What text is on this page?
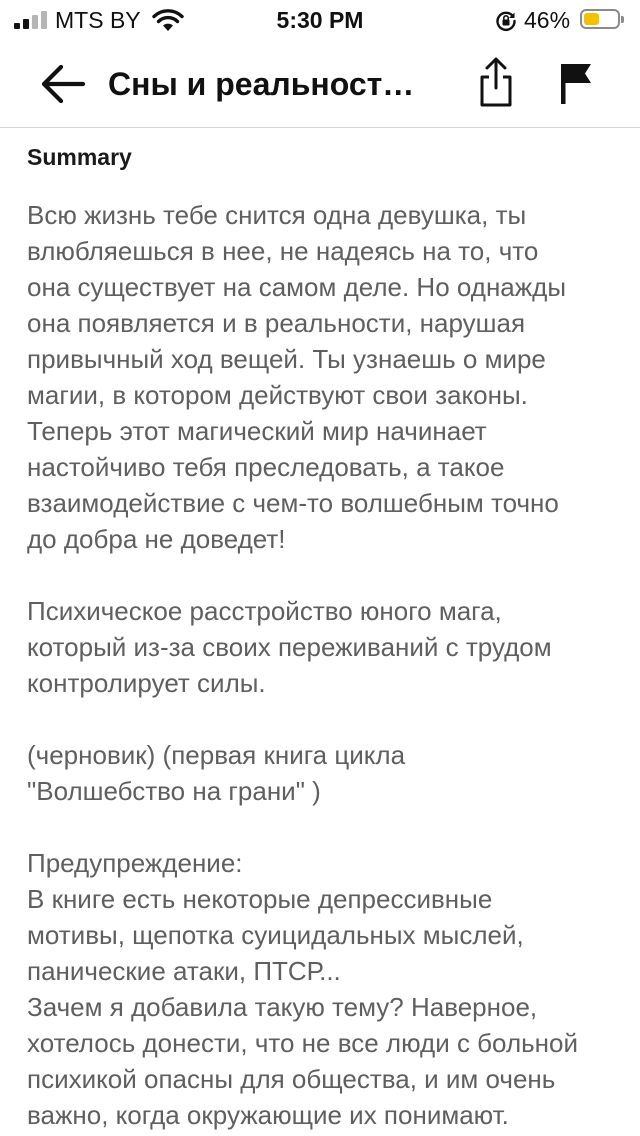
MTS BY	5:30 PM	46%
Сны и реальност…
Summary

Всю жизнь тебе снится одна девушка, ты
влюбляешься в нее, не надеясь на то, что
она существует на самом деле. Но однажды
она появляется и в реальности, нарушая
привычный ход вещей. Ты узнаешь о мире
магии, в котором действуют свои законы.
Теперь этот магический мир начинает
настойчиво тебя преследовать, а такое
взаимодействие с чем-то волшебным точно
до добра не доведет!

Психическое расстройство юного мага,
который из-за своих переживаний с трудом
контролирует силы.

(черновик) (первая книга цикла
"Волшебство на грани" )

Предупреждение:
В книге есть некоторые депрессивные
мотивы, щепотка суицидальных мыслей,
панические атаки, ПТСР...
Зачем я добавила такую тему? Наверное,
хотелось донести, что не все люди с больной
психикой опасны для общества, и им очень
важно, когда окружающие их понимают.
